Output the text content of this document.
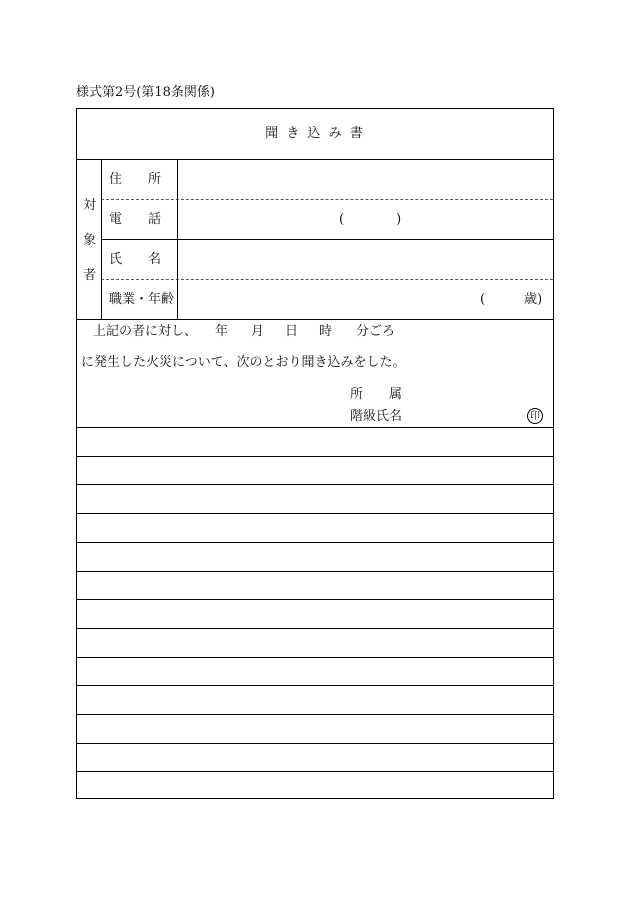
様式第2号(第18条関係)
聞 き 込 み 書
対
象
者
住　　所
電　　話	(　　　　)
氏　　名
職業・年齢	(　　　歳)
上記の者に対し、 年 月 日 時 分ごろ
に発生した火災について、次のとおり聞き込みをした。
所　　属
階級氏名	印
